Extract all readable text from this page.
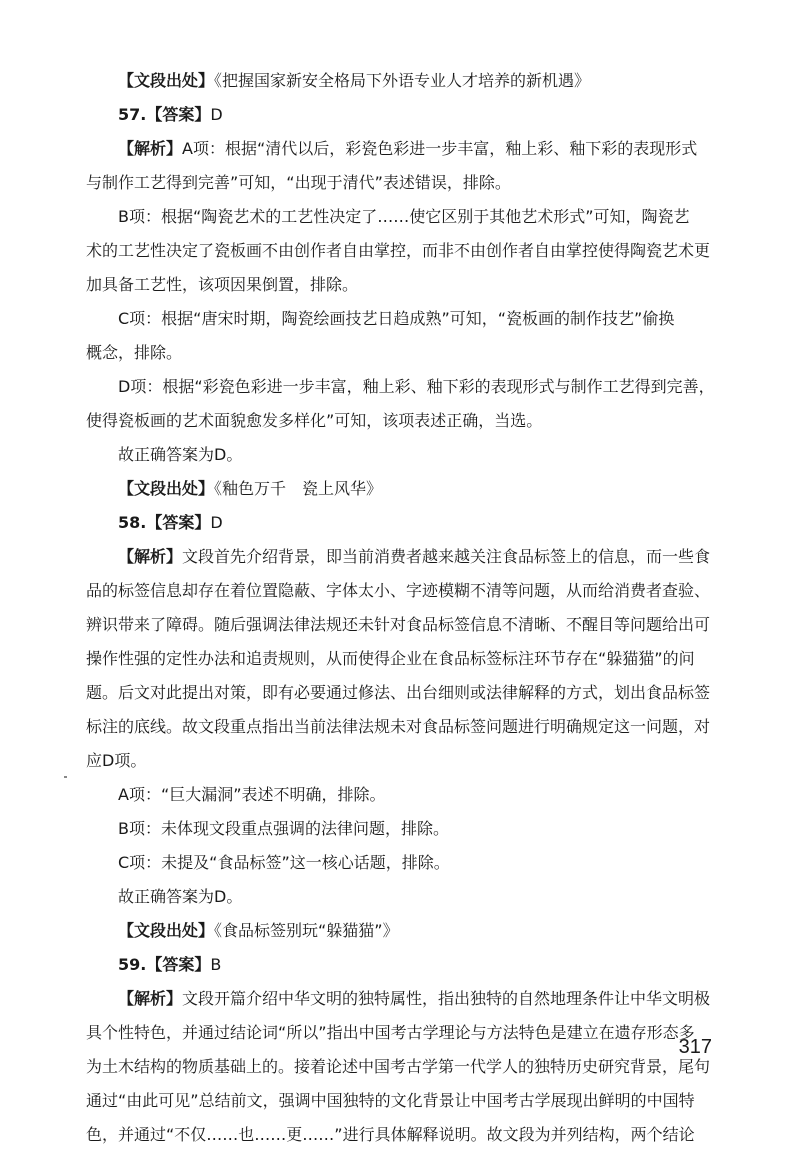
【文段出处】《把握国家新安全格局下外语专业人才培养的新机遇》
57.【答案】D
【解析】A项：根据“清代以后，彩瓷色彩进一步丰富，釉上彩、釉下彩的表现形式
与制作工艺得到完善”可知，“出现于清代”表述错误，排除。
B项：根据“陶瓷艺术的工艺性决定了……使它区别于其他艺术形式”可知，陶瓷艺
术的工艺性决定了瓷板画不由创作者自由掌控，而非不由创作者自由掌控使得陶瓷艺术更
加具备工艺性，该项因果倒置，排除。
C项：根据“唐宋时期，陶瓷绘画技艺日趋成熟”可知，“瓷板画的制作技艺”偷换
概念，排除。
D项：根据“彩瓷色彩进一步丰富，釉上彩、釉下彩的表现形式与制作工艺得到完善，
使得瓷板画的艺术面貌愈发多样化”可知，该项表述正确，当选。
故正确答案为D。
【文段出处】《釉色万千　瓷上风华》
58.【答案】D
【解析】文段首先介绍背景，即当前消费者越来越关注食品标签上的信息，而一些食
品的标签信息却存在着位置隐蔽、字体太小、字迹模糊不清等问题，从而给消费者查验、
辨识带来了障碍。随后强调法律法规还未针对食品标签信息不清晰、不醒目等问题给出可
操作性强的定性办法和追责规则，从而使得企业在食品标签标注环节存在“躲猫猫”的问
题。后文对此提出对策，即有必要通过修法、出台细则或法律解释的方式，划出食品标签
标注的底线。故文段重点指出当前法律法规未对食品标签问题进行明确规定这一问题，对
应D项。
A项：“巨大漏洞”表述不明确，排除。
B项：未体现文段重点强调的法律问题，排除。
C项：未提及“食品标签”这一核心话题，排除。
故正确答案为D。
【文段出处】《食品标签别玩“躲猫猫”》
59.【答案】B
【解析】文段开篇介绍中华文明的独特属性，指出独特的自然地理条件让中华文明极
具个性特色，并通过结论词“所以”指出中国考古学理论与方法特色是建立在遗存形态多
为土木结构的物质基础上的。接着论述中国考古学第一代学人的独特历史研究背景，尾句
通过“由此可见”总结前文，强调中国独特的文化背景让中国考古学展现出鲜明的中国特
色，并通过“不仅……也……更……”进行具体解释说明。故文段为并列结构，两个结论
317
